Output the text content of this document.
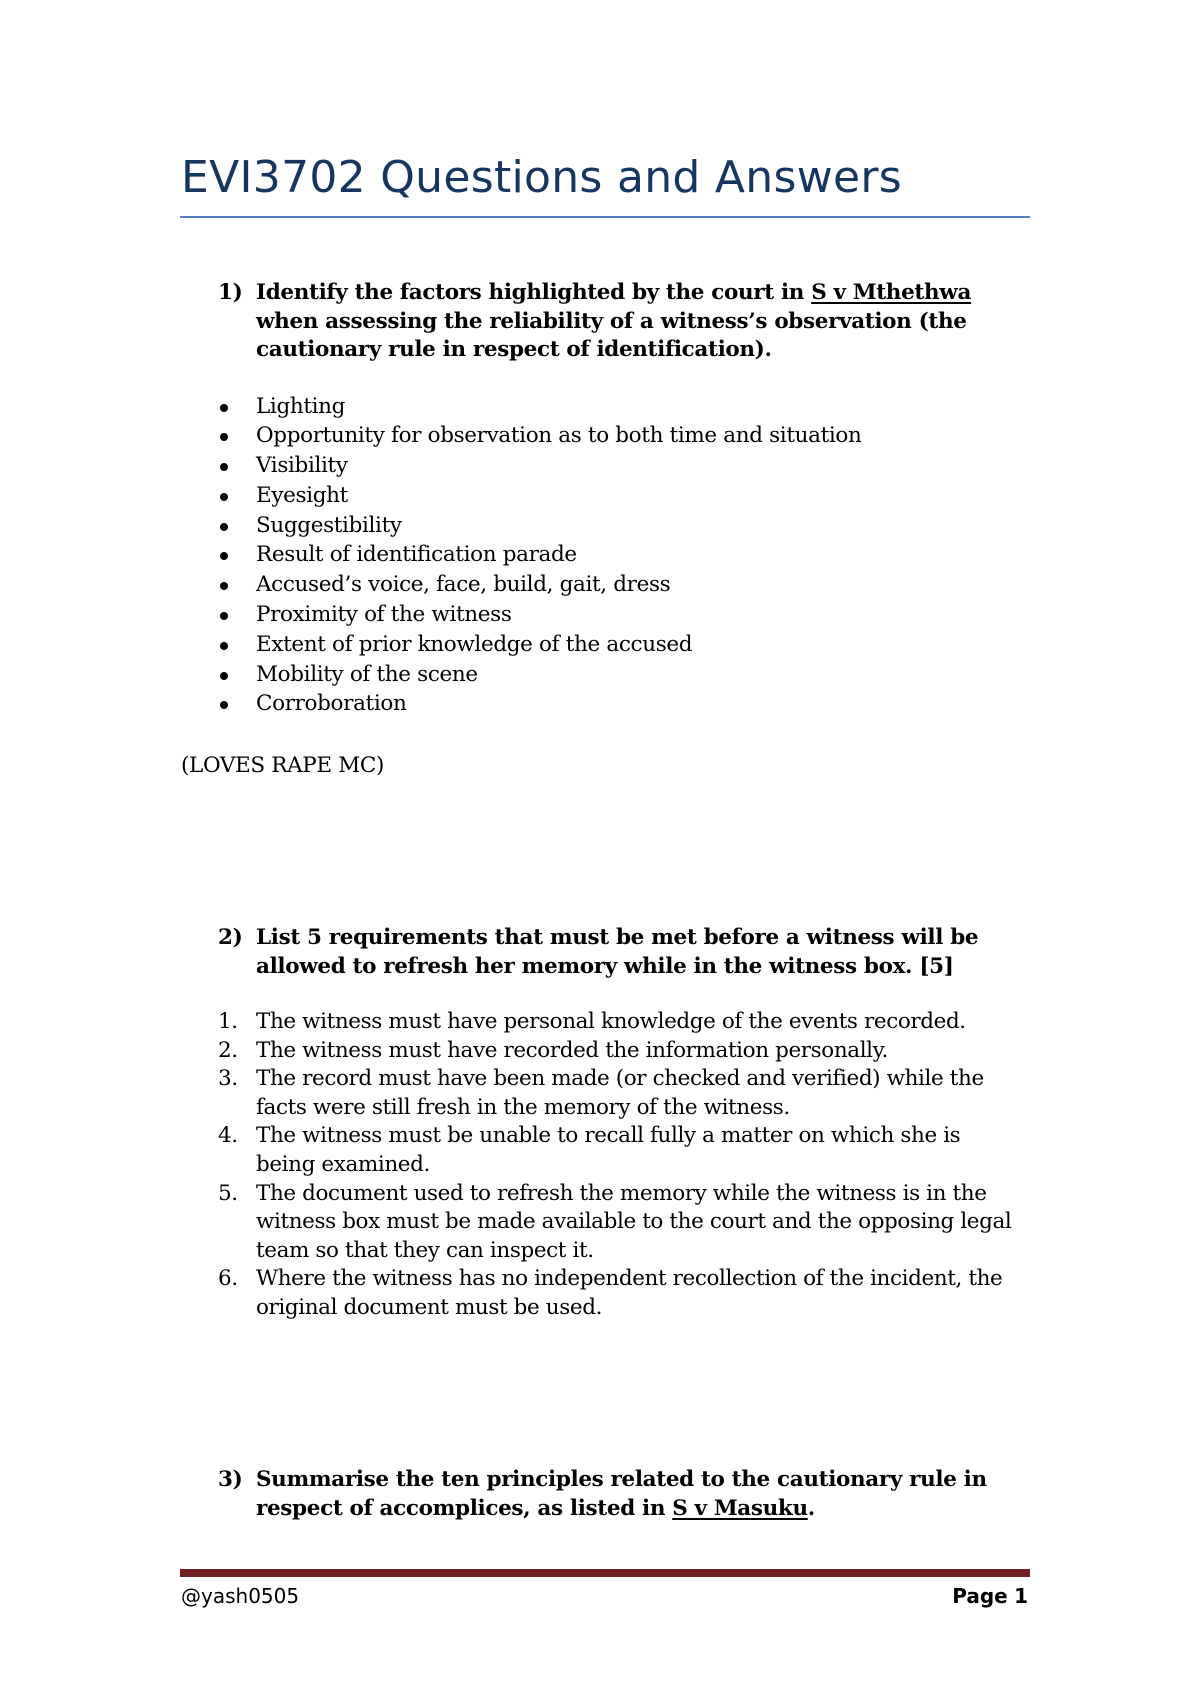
EVI3702 Questions and Answers
1) Identify the factors highlighted by the court in S v Mthethwa when assessing the reliability of a witness’s observation (the cautionary rule in respect of identification).
Lighting
Opportunity for observation as to both time and situation
Visibility
Eyesight
Suggestibility
Result of identification parade
Accused’s voice, face, build, gait, dress
Proximity of the witness
Extent of prior knowledge of the accused
Mobility of the scene
Corroboration
(LOVES RAPE MC)
2) List 5 requirements that must be met before a witness will be allowed to refresh her memory while in the witness box. [5]
1. The witness must have personal knowledge of the events recorded.
2. The witness must have recorded the information personally.
3. The record must have been made (or checked and verified) while the facts were still fresh in the memory of the witness.
4. The witness must be unable to recall fully a matter on which she is being examined.
5. The document used to refresh the memory while the witness is in the witness box must be made available to the court and the opposing legal team so that they can inspect it.
6. Where the witness has no independent recollection of the incident, the original document must be used.
3) Summarise the ten principles related to the cautionary rule in respect of accomplices, as listed in S v Masuku.
@yash0505	Page 1
